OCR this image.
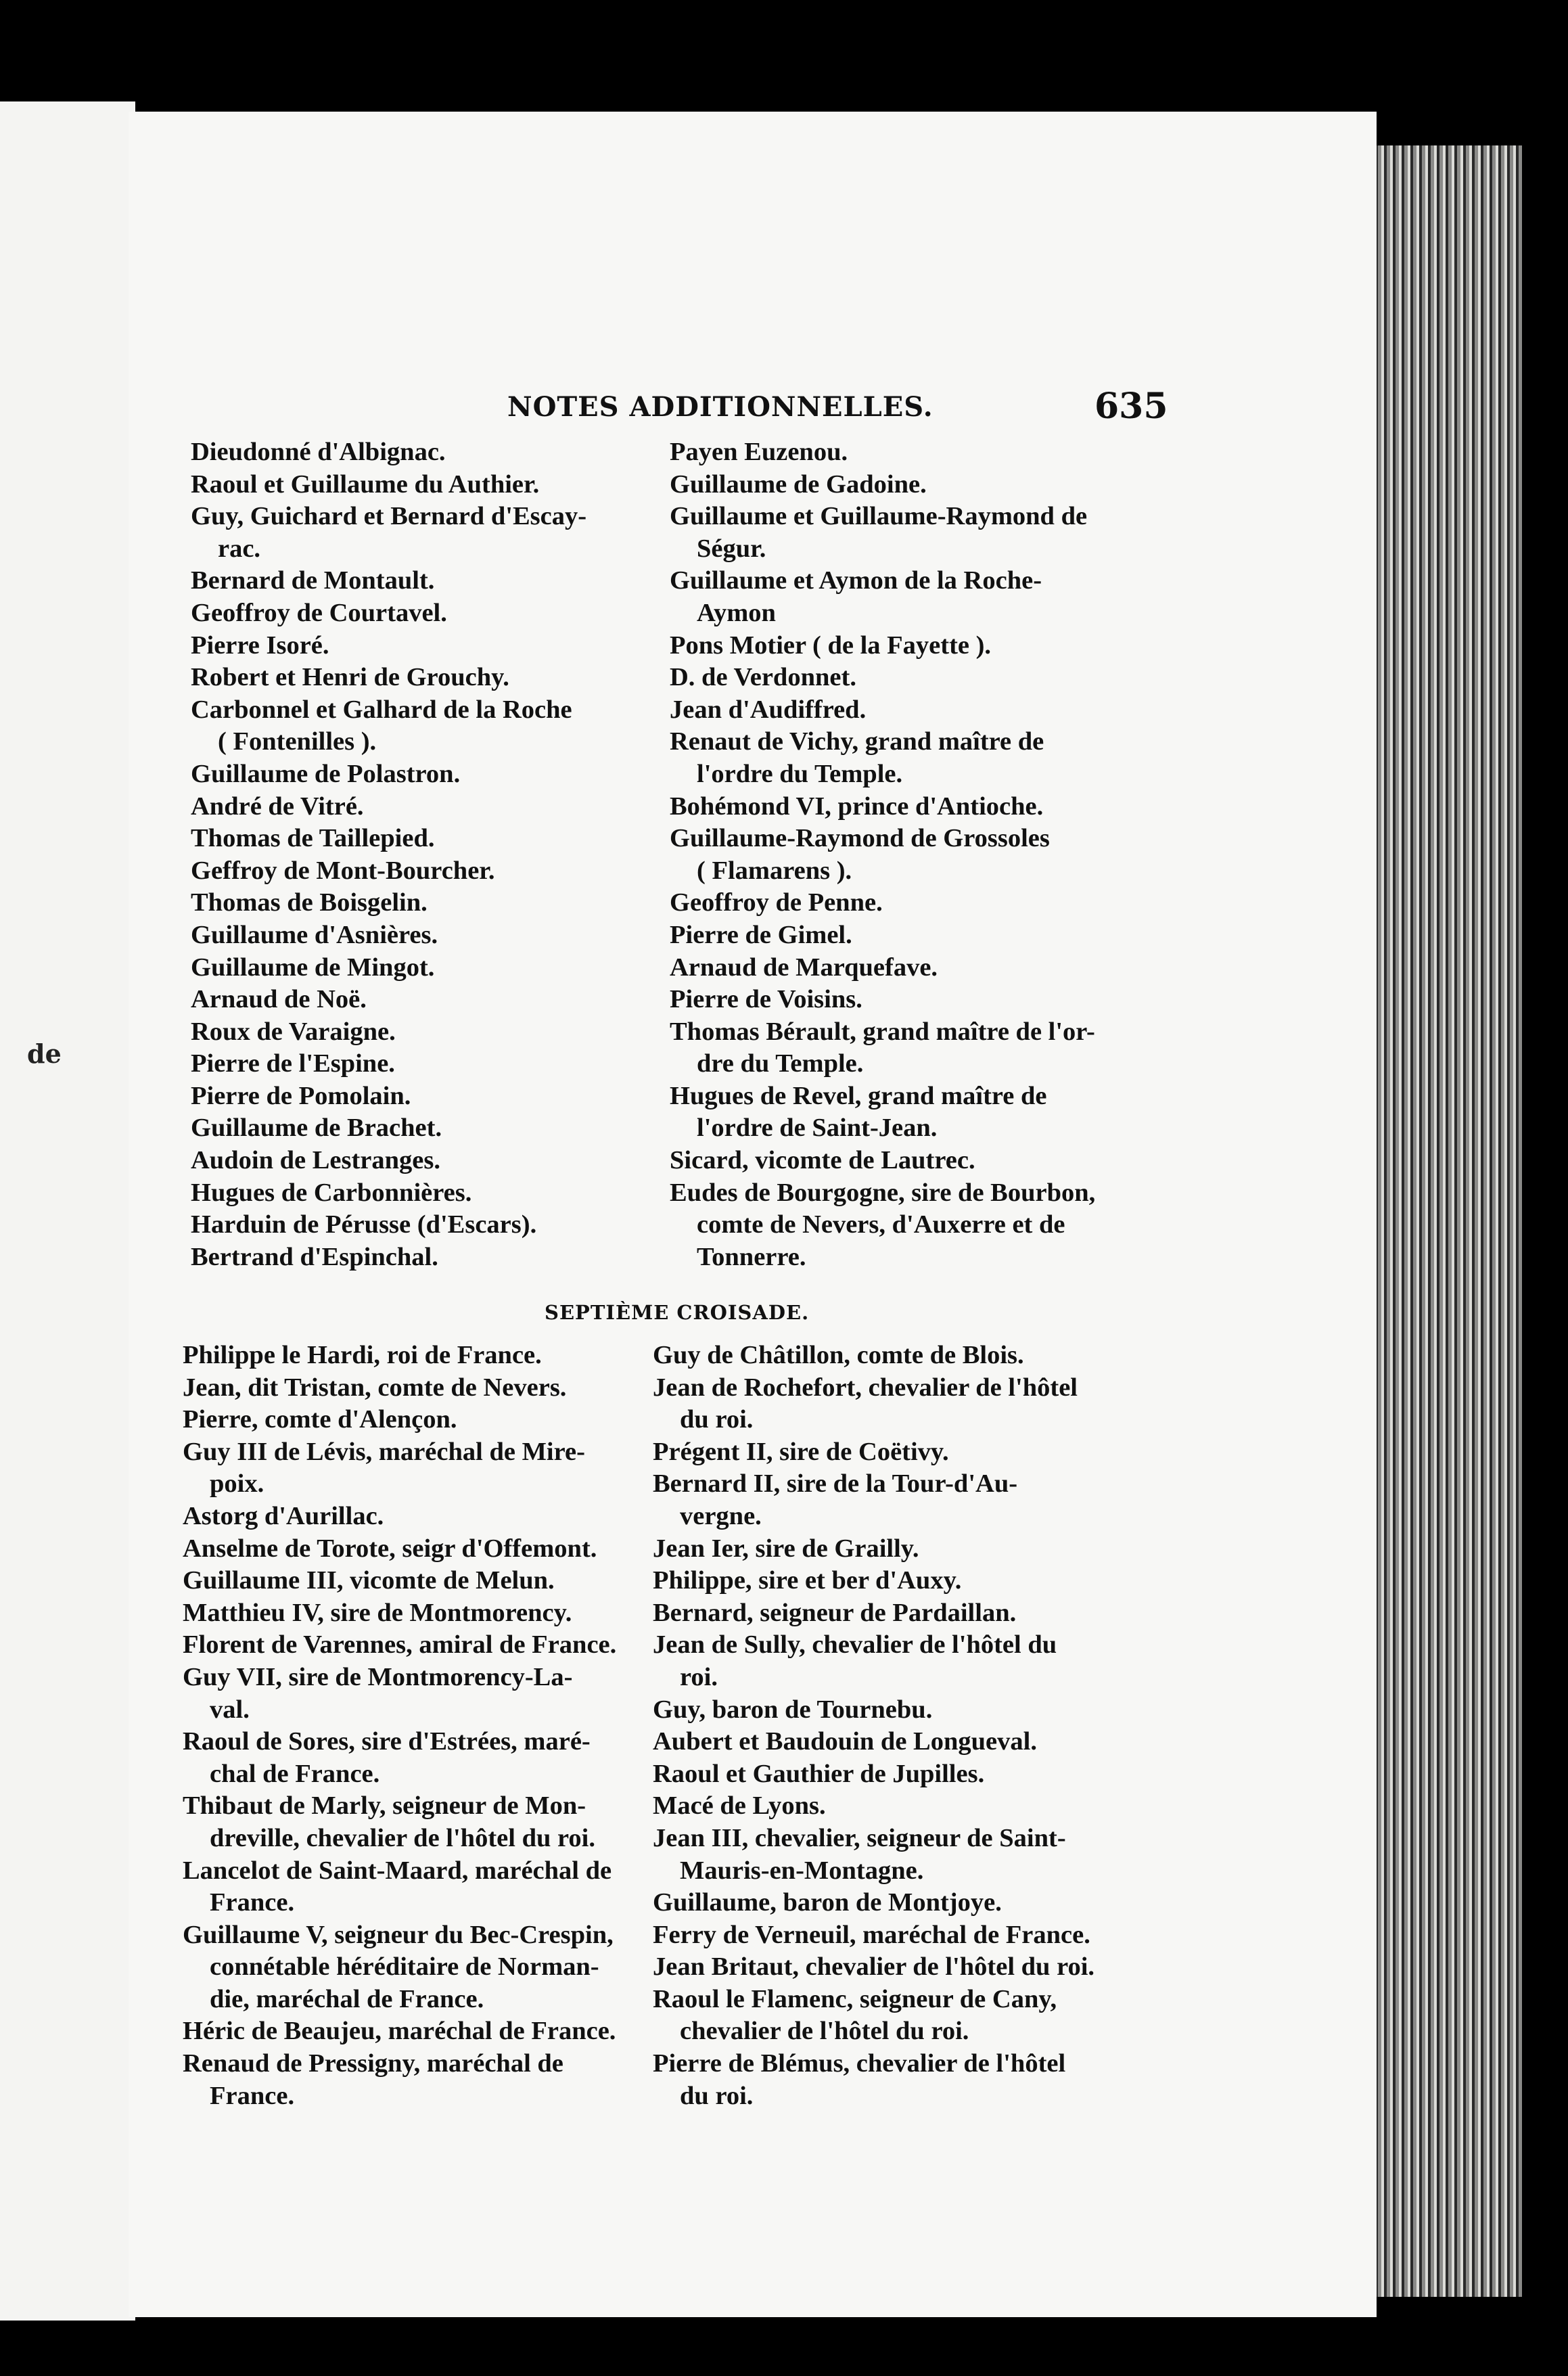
de
NOTES ADDITIONNELLES.	635
Dieudonné d'Albignac.
Raoul et Guillaume du Authier.
Guy, Guichard et Bernard d'Escay-
rac.
Bernard de Montault.
Geoffroy de Courtavel.
Pierre Isoré.
Robert et Henri de Grouchy.
Carbonnel et Galhard de la Roche
( Fontenilles ).
Guillaume de Polastron.
André de Vitré.
Thomas de Taillepied.
Geffroy de Mont-Bourcher.
Thomas de Boisgelin.
Guillaume d'Asnières.
Guillaume de Mingot.
Arnaud de Noë.
Roux de Varaigne.
Pierre de l'Espine.
Pierre de Pomolain.
Guillaume de Brachet.
Audoin de Lestranges.
Hugues de Carbonnières.
Harduin de Pérusse (d'Escars).
Bertrand d'Espinchal.
Payen Euzenou.
Guillaume de Gadoine.
Guillaume et Guillaume-Raymond de
Ségur.
Guillaume et Aymon de la Roche-
Aymon
Pons Motier ( de la Fayette ).
D. de Verdonnet.
Jean d'Audiffred.
Renaut de Vichy, grand maître de
l'ordre du Temple.
Bohémond VI, prince d'Antioche.
Guillaume-Raymond de Grossoles
( Flamarens ).
Geoffroy de Penne.
Pierre de Gimel.
Arnaud de Marquefave.
Pierre de Voisins.
Thomas Bérault, grand maître de l'or-
dre du Temple.
Hugues de Revel, grand maître de
l'ordre de Saint-Jean.
Sicard, vicomte de Lautrec.
Eudes de Bourgogne, sire de Bourbon,
comte de Nevers, d'Auxerre et de
Tonnerre.
SEPTIÈME CROISADE.
Philippe le Hardi, roi de France.
Jean, dit Tristan, comte de Nevers.
Pierre, comte d'Alençon.
Guy III de Lévis, maréchal de Mire-
poix.
Astorg d'Aurillac.
Anselme de Torote, seigr d'Offemont.
Guillaume III, vicomte de Melun.
Matthieu IV, sire de Montmorency.
Florent de Varennes, amiral de France.
Guy VII, sire de Montmorency-La-
val.
Raoul de Sores, sire d'Estrées, maré-
chal de France.
Thibaut de Marly, seigneur de Mon-
dreville, chevalier de l'hôtel du roi.
Lancelot de Saint-Maard, maréchal de
France.
Guillaume V, seigneur du Bec-Crespin,
connétable héréditaire de Norman-
die, maréchal de France.
Héric de Beaujeu, maréchal de France.
Renaud de Pressigny, maréchal de
France.
Guy de Châtillon, comte de Blois.
Jean de Rochefort, chevalier de l'hôtel
du roi.
Prégent II, sire de Coëtivy.
Bernard II, sire de la Tour-d'Au-
vergne.
Jean Ier, sire de Grailly.
Philippe, sire et ber d'Auxy.
Bernard, seigneur de Pardaillan.
Jean de Sully, chevalier de l'hôtel du
roi.
Guy, baron de Tournebu.
Aubert et Baudouin de Longueval.
Raoul et Gauthier de Jupilles.
Macé de Lyons.
Jean III, chevalier, seigneur de Saint-
Mauris-en-Montagne.
Guillaume, baron de Montjoye.
Ferry de Verneuil, maréchal de France.
Jean Britaut, chevalier de l'hôtel du roi.
Raoul le Flamenc, seigneur de Cany,
chevalier de l'hôtel du roi.
Pierre de Blémus, chevalier de l'hôtel
du roi.
